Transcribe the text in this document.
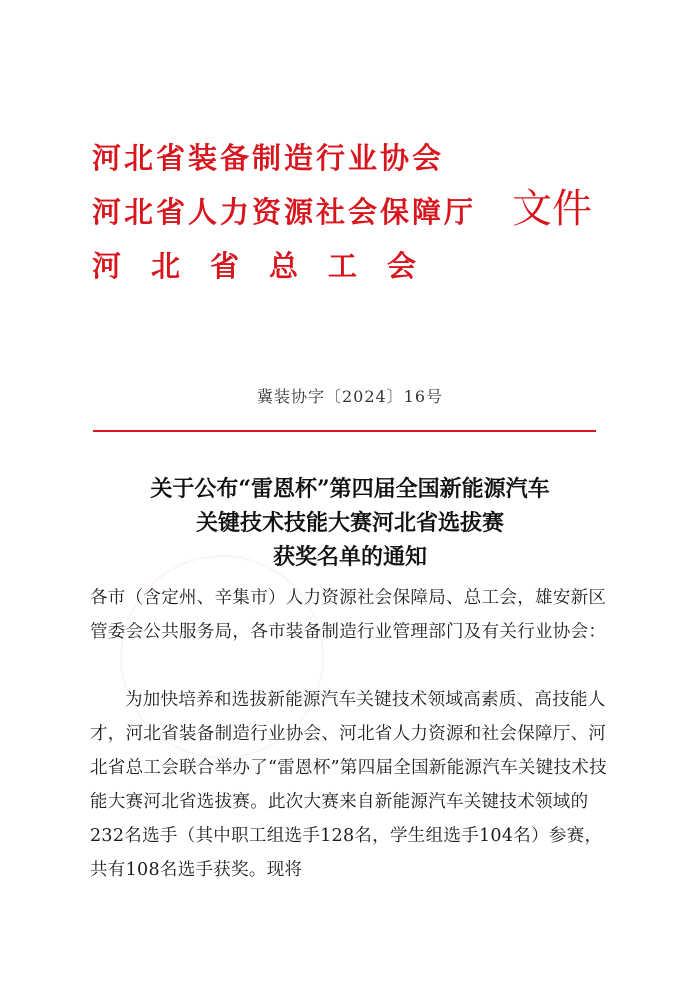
河北省装备制造行业协会
河北省人力资源社会保障厅
河北省总工会
文件
冀装协字〔2024〕16号
关于公布“雷恩杯”第四届全国新能源汽车
关键技术技能大赛河北省选拔赛
获奖名单的通知
各市（含定州、辛集市）人力资源社会保障局、总工会，雄安新区管委会公共服务局，各市装备制造行业管理部门及有关行业协会：
为加快培养和选拔新能源汽车关键技术领域高素质、高技能人才，河北省装备制造行业协会、河北省人力资源和社会保障厅、河北省总工会联合举办了“雷恩杯”第四届全国新能源汽车关键技术技能大赛河北省选拔赛。此次大赛来自新能源汽车关键技术领域的232名选手（其中职工组选手128名，学生组选手104名）参赛，共有108名选手获奖。现将
